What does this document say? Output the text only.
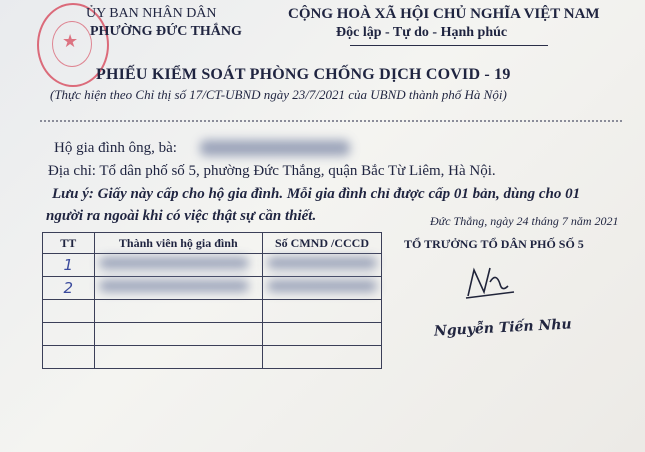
★
ỦY BAN NHÂN DÂN
PHƯỜNG ĐỨC THẮNG
CỘNG HOÀ XÃ HỘI CHỦ NGHĨA VIỆT NAM
Độc lập - Tự do - Hạnh phúc
PHIẾU KIỂM SOÁT PHÒNG CHỐNG DỊCH COVID - 19
(Thực hiện theo Chỉ thị số 17/CT-UBND ngày 23/7/2021 của UBND thành phố Hà Nội)
Hộ gia đình ông, bà:
Địa chỉ: Tổ dân phố số 5, phường Đức Thắng, quận Bắc Từ Liêm, Hà Nội.
Lưu ý: Giấy này cấp cho hộ gia đình. Mỗi gia đình chỉ được cấp 01 bản, dùng cho 01
người ra ngoài khi có việc thật sự cần thiết.	Đức Thắng, ngày 24 tháng 7 năm 2021
TỔ TRƯỞNG TỔ DÂN PHỐ SỐ 5
Nguyễn Tiến Nhu
TT	Thành viên hộ gia đình	Số CMND /CCCD
1		
2		
